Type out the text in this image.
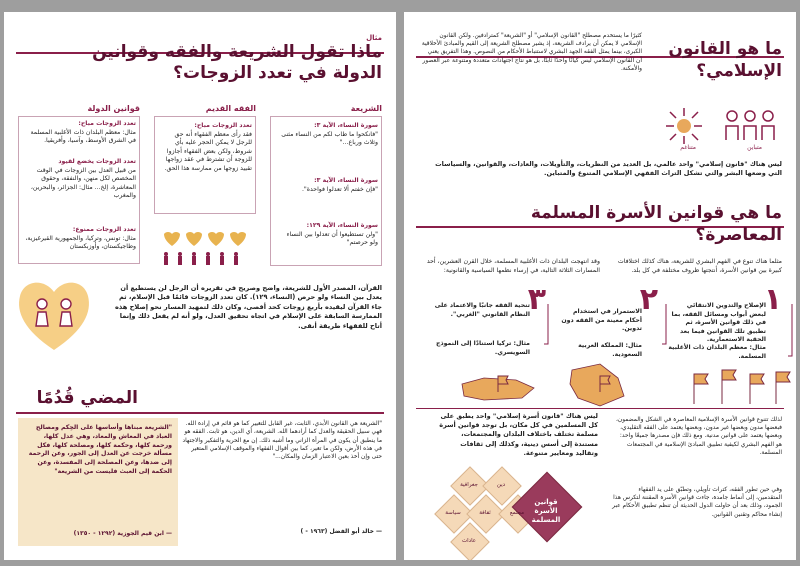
مثال
ماذا تقول الشريعة والفقه وقوانين الدولة في تعدد الزوجات؟
الشريعة
الفقه القديم
قوانين الدولة
سورة النساء، الآية ٣:
"فانكحوا ما طاب لكم من النساء مثنى وثلاث ورباع..."
سورة النساء، الآية ٣:
"فإن خفتم ألا تعدلوا فواحدة".
سورة النساء، الآية ١٢٩:
"ولن تستطيعوا أن تعدلوا بين النساء ولو حرصتم"
تعدد الزوجات مباح:
فقد رأى معظم الفقهاء أنه حق للرجل لا يمكن الحجر عليه بأي شروط، ولكن بعض الفقهاء أجازوا للزوجة أن تشترط في عقد زواجها تقييد زوجها من ممارسة هذا الحق.
تعدد الزوجات مباح:
مثال: معظم البلدان ذات الأغلبية المسلمة في الشرق الأوسط، وآسيا، وأفريقيا.
تعدد الزوجات يخضع لقيود
من قبيل العدل بين الزوجات في الوقت المخصص لكل منهن، والنفقة، وحقوق المعاشرة، إلخ... مثال: الجزائر، والبحرين، والمغرب
تعدد الزوجات ممنوع:
مثال: تونس، وتركيا، والجمهورية القيرغيزية، وطاجيكستان، وأوزبكستان
القرآن، المصدر الأول للشريعة، واضح وصريح في تقريره أن الرجل لن يستطيع أن يعدل بين النساء ولو حرص (النساء، ١٢٩). كان تعدد الزوجات قائمًا قبل الإسلام، ثم جاء القرآن ليقيده بأربع زوجات كحد أقصى، وكان ذلك لتمهيد المسار نحو إصلاح هذه الممارسة السابقة على الإسلام في اتجاه تحقيق العدل، ولو أنه لم يفعل ذلك وإنما أتاح للفقهاء طريقة أنقى.
المضي قُدُمًا
"الشريعة هي القانون الأبدي، الثابت، غير القابل للتغيير كما هو قائم في إرادة الله. فهي سبيل الحقيقة والعدل كما أرادهما الله. الشريعة، أي الدين، هو ثابت. الفقه هو ما ينطبق أن يكون في المرأة الزاني وما أشبه ذلك. إن مع الحرية والتفكير والاجتهاد في هذه الأرض، ولكن ما تغير، كما بين أقوال الفقهاء والموقف الإسلامي المتغير حتى وإن أخذ بعين الاعتبار الزمان والمكان..."
— خالد أبو الفضل (١٩٦٣ - )
"الشريعة مبناها وأساسها على الحِكم ومصالح العباد في المعاش والمعاد، وهي عدل كلها، ورحمة كلها، وحكمة كلها، ومصلحة كلها، فكل مسألة خرجت عن العدل إلى الجور، وعن الرحمة إلى ضدها، وعن المصلحة إلى المفسدة، وعن الحكمة إلى العبث فليست من الشريعة"
— ابن قيم الجوزية (١٢٩٢ - ١٣٥٠)
ما هو القانون الإسلامي؟
كثيرًا ما يستخدم مصطلح "القانون الإسلامي" أو "الشريعة" كمترادفين. ولكن القانون الإسلامي لا يمكن أن يرادف الشريعة، إذ يشير مصطلح الشريعة إلى القيم والمبادئ الأخلاقية الكبرى، بينما يمثل الفقه الجهد البشري لاستنباط الأحكام من النصوص. وهذا التفريق يعني أن القانون الإسلامي ليس كيانًا واحدًا ثابتًا، بل هو نتاج اجتهادات متعددة ومتنوعة عبر العصور والأمكنة.
متناغم	متباين
ليس هناك "قانون إسلامي" واحد عالمي، بل العديد من النظريات، والتأويلات، والعادات، والقوانين، والسياسات التي وضعها البشر والتي تشكل التراث الفقهي الإسلامي المتنوع والمتباين.
ما هي قوانين الأسرة المسلمة المعاصرة؟
مثلما هناك تنوع في الفهم البشري للشريعة، هناك كذلك اختلافات كبيرة بين قوانين الأسرة، أنتجتها ظروف مختلفة في كل بلد.
وقد انتهجت البلدان ذات الأغلبية المسلمة، خلال القرن العشرين، أحد المسارات الثلاثة التالية، في إرساء نظمها السياسية والقانونية:
١
الإصلاح والتدوين الانتقائي لبعض أبواب ومسائل الفقه، بما في ذلك قوانين الأسرة، ثم تطبيق تلك القوانين فيما بعد الحقبة الاستعمارية.
مثال: معظم البلدان ذات الأغلبية المسلمة.
٢
الاستمرار في استخدام أحكام معينة من الفقه دون تدوين.
مثال: المملكة العربية السعودية.
٣
تنحية الفقه جانبًا والاعتماد على النظام القانوني "الغربي".
مثال: تركيا استنادًا إلى النموذج السويسري.
لذلك تتنوع قوانين الأسرة الإسلامية المعاصرة في الشكل والمضمون، فبعضها مدون وبعضها غير مدون، وبعضها يعتمد على الفقه التقليدي، وبعضها يعتمد على قوانين مدنية. ومع ذلك فإن مصدرها جميعًا واحد: هو الفهم البشري لكيفية تطبيق المبادئ الإسلامية في المجتمعات المسلمة.
وفي حين تطور الفقه، كتراث تأويلي، وتطبّق على يد الفقهاء المتقدمين، إلى أنماط جامدة، جاءت قوانين الأسرة المقننة لتكرس هذا الجمود، وذلك بعد أن حاولت الدول الحديثة أن تنظم تطبيق الأحكام عبر إنشاء محاكم وتقنين القوانين.
ليس هناك "قانون أسرة إسلامي" واحد يطبق على كل المسلمين في كل مكان، بل توجد قوانين أسرة مسلمة تختلف باختلاف البلدان والمجتمعات، مستندة إلى أسس دينية، وكذلك إلى ثقافات وتقاليد ومعايير متنوعة.
قوانين الأسرة المسلمة
جغرافية	دين
سياسة	ثقافة	مجتمع
عادات
